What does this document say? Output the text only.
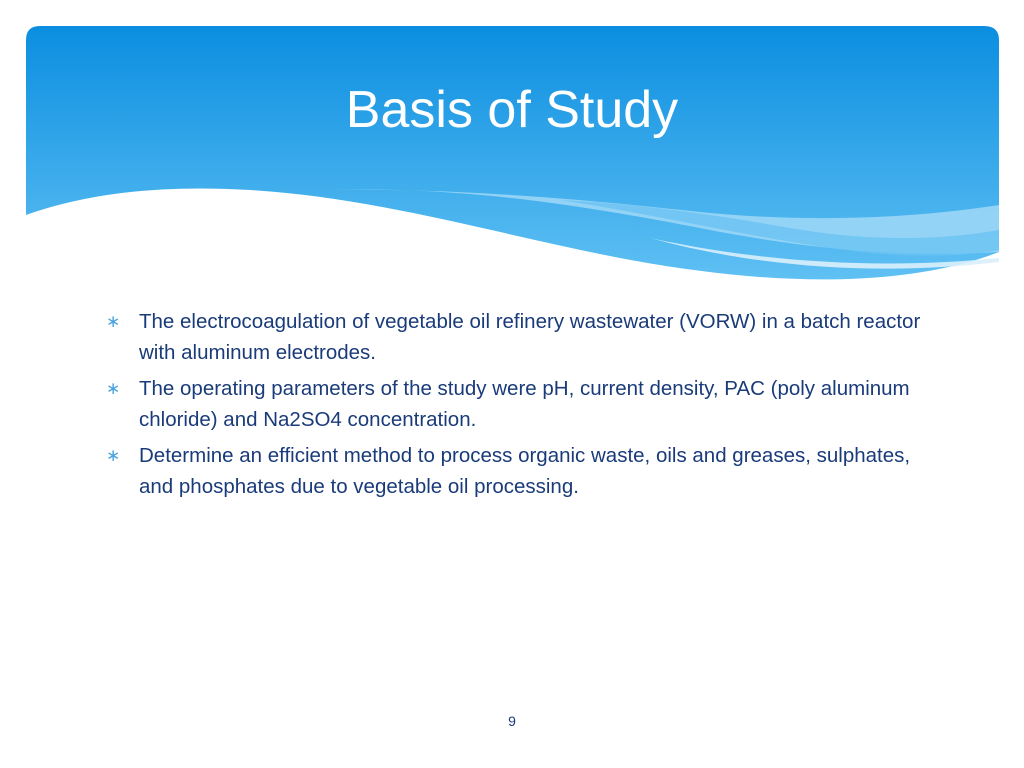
Basis of Study
∗ The electrocoagulation of vegetable oil refinery wastewater (VORW) in a batch reactor with aluminum electrodes.
∗ The operating parameters of the study were pH, current density, PAC (poly aluminum chloride) and Na2SO4 concentration.
∗ Determine an efficient method to process organic waste, oils and greases, sulphates, and phosphates due to vegetable oil processing.
9
